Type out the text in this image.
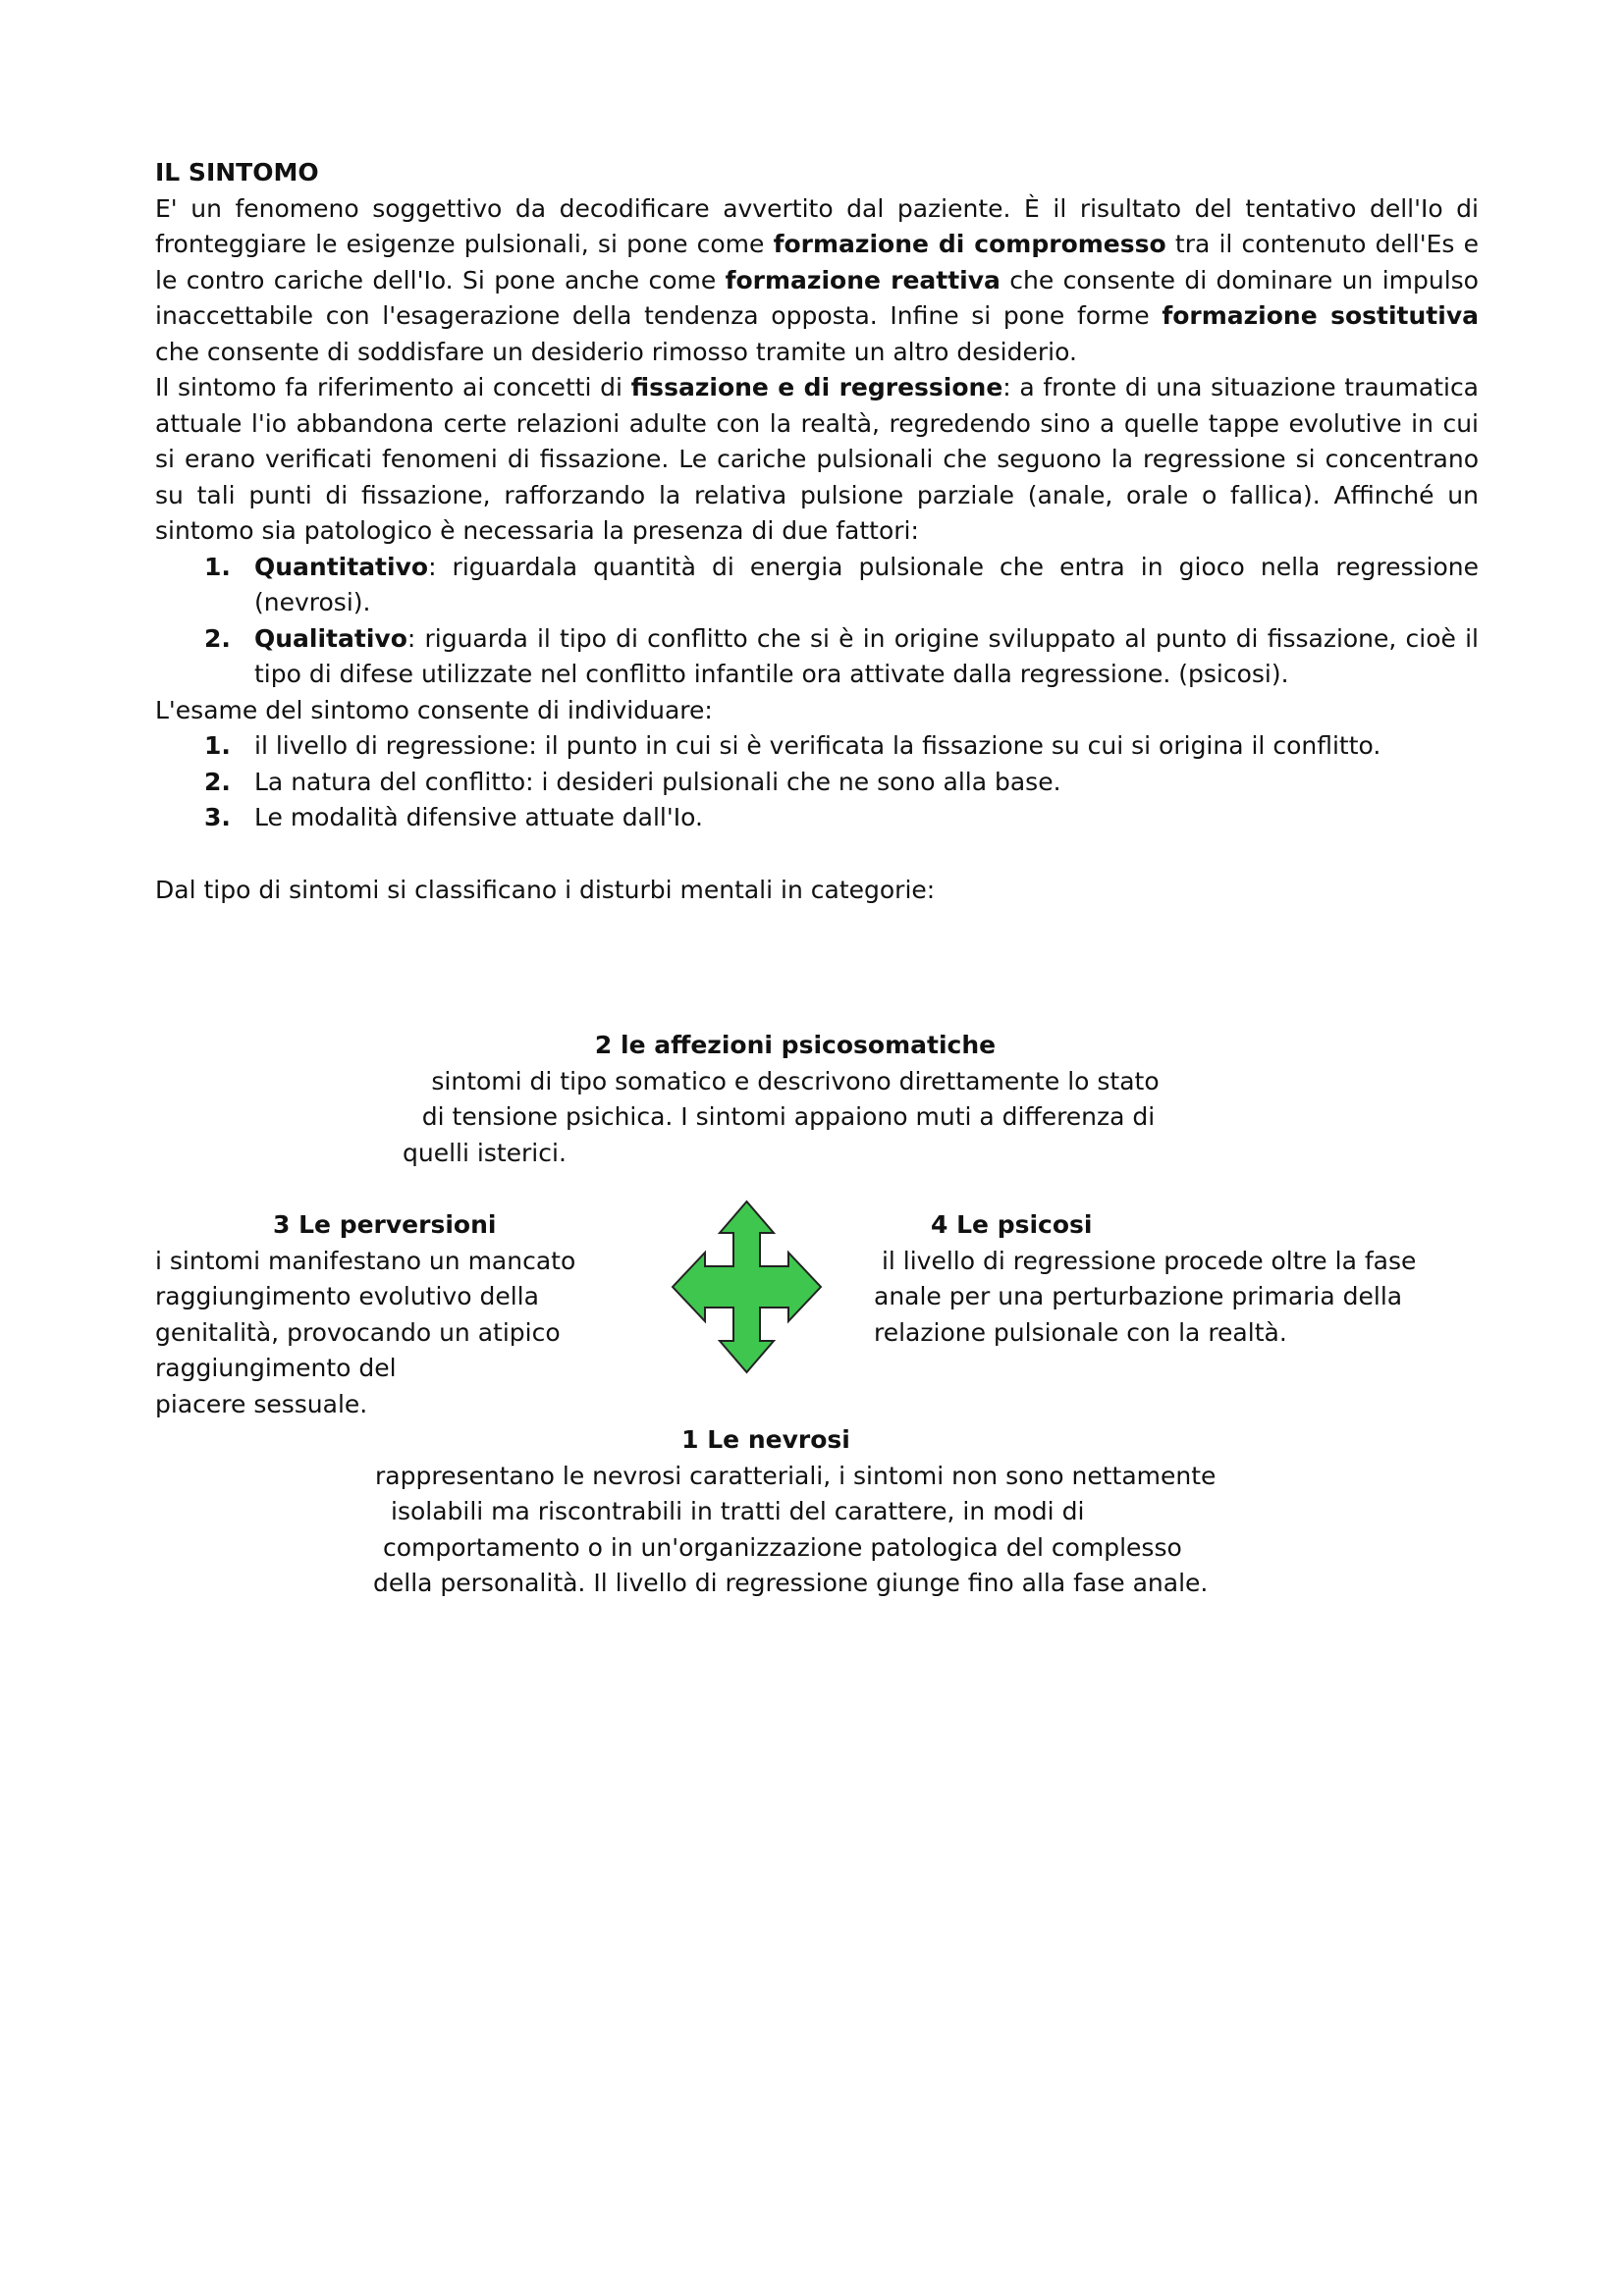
IL SINTOMO

E' un fenomeno soggettivo da decodificare avvertito dal paziente. È il risultato del tentativo dell'Io di fronteggiare le esigenze pulsionali, si pone come formazione di compromesso tra il contenuto dell'Es e le contro cariche dell'Io. Si pone anche come formazione reattiva che consente di dominare un impulso inaccettabile con l'esagerazione della tendenza opposta. Infine si pone forme formazione sostitutiva che consente di soddisfare un desiderio rimosso tramite un altro desiderio.

Il sintomo fa riferimento ai concetti di fissazione e di regressione: a fronte di una situazione traumatica attuale l'io abbandona certe relazioni adulte con la realtà, regredendo sino a quelle tappe evolutive in cui si erano verificati fenomeni di fissazione. Le cariche pulsionali che seguono la regressione si concentrano su tali punti di fissazione, rafforzando la relativa pulsione parziale (anale, orale o fallica). Affinché un sintomo sia patologico è necessaria la presenza di due fattori:

1. Quantitativo: riguardala quantità di energia pulsionale che entra in gioco nella regressione (nevrosi).
2. Qualitativo: riguarda il tipo di conflitto che si è in origine sviluppato al punto di fissazione, cioè il tipo di difese utilizzate nel conflitto infantile ora attivate dalla regressione. (psicosi).
L'esame del sintomo consente di individuare:
1. il livello di regressione: il punto in cui si è verificata la fissazione su cui si origina il conflitto.
2. La natura del conflitto: i desideri pulsionali che ne sono alla base.
3. Le modalità difensive attuate dall'Io.
Dal tipo di sintomi si classificano i disturbi mentali in categorie:
2 le affezioni psicosomatiche
sintomi di tipo somatico e descrivono direttamente lo stato
di tensione psichica. I sintomi appaiono muti a differenza di
quelli isterici.
3 Le perversioni
i sintomi manifestano un mancato
raggiungimento evolutivo della
genitalità, provocando un atipico
raggiungimento del
piacere sessuale.
4 Le psicosi
il livello di regressione procede oltre la fase
anale per una perturbazione primaria della
relazione pulsionale con la realtà.
1 Le nevrosi
rappresentano le nevrosi caratteriali, i sintomi non sono nettamente
isolabili ma riscontrabili in tratti del carattere, in modi di
comportamento o in un'organizzazione patologica del complesso
della personalità. Il livello di regressione giunge fino alla fase anale.
